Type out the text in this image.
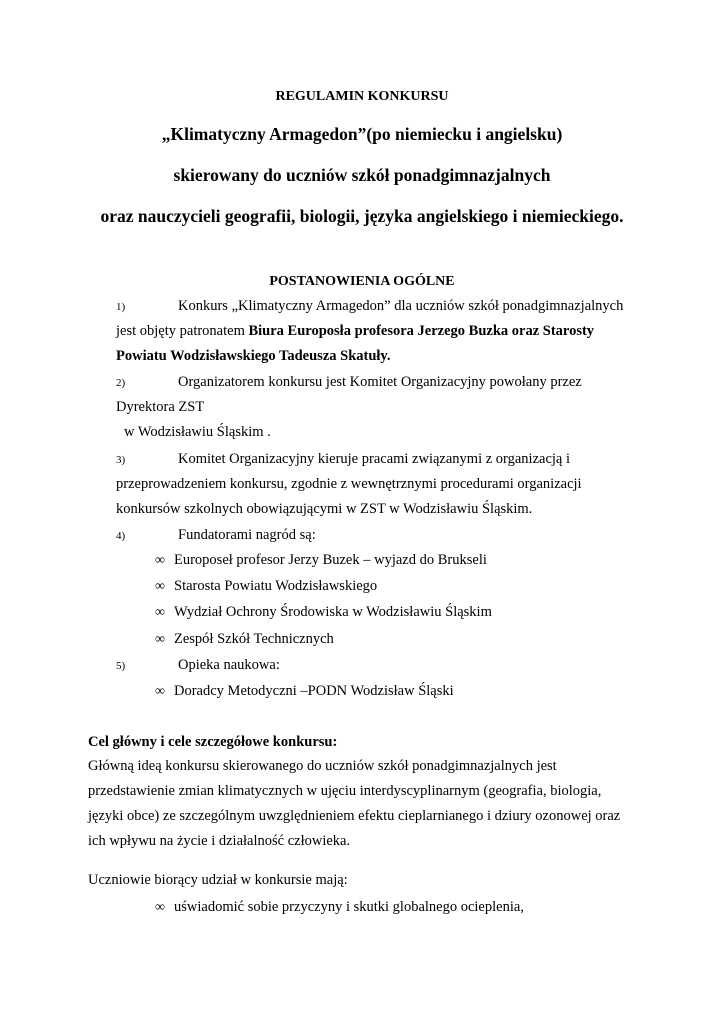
REGULAMIN KONKURSU
„Klimatyczny Armagedon”(po niemiecku i angielsku)
skierowany do uczniów szkół ponadgimnazjalnych
oraz nauczycieli geografii, biologii, języka angielskiego i niemieckiego.
POSTANOWIENIA OGÓLNE
1)	Konkurs „Klimatyczny Armagedon” dla uczniów szkół ponadgimnazjalnych
jest objęty patronatem Biura Europosła profesora Jerzego Buzka oraz Starosty
Powiatu Wodzisławskiego Tadeusza Skatuły.
2)	Organizatorem konkursu jest Komitet Organizacyjny powołany przez
Dyrektora ZST
w Wodzisławiu Śląskim .
3)	Komitet Organizacyjny kieruje pracami związanymi z organizacją i
przeprowadzeniem konkursu, zgodnie z wewnętrznymi procedurami organizacji
konkursów szkolnych obowiązującymi w ZST w Wodzisławiu Śląskim.
4)	Fundatorami nagród są:
∞ Europoseł profesor Jerzy Buzek – wyjazd do Brukseli
∞ Starosta Powiatu Wodzisławskiego
∞ Wydział Ochrony Środowiska w Wodzisławiu Śląskim
∞ Zespół Szkół Technicznych
5)	Opieka naukowa:
∞ Doradcy Metodyczni –PODN Wodzisław Śląski
Cel główny i cele szczegółowe konkursu:
Główną ideą konkursu skierowanego do uczniów szkół ponadgimnazjalnych jest
przedstawienie zmian klimatycznych w ujęciu interdyscyplinarnym (geografia, biologia,
języki obce) ze szczególnym uwzględnieniem efektu cieplarnianego i dziury ozonowej oraz
ich wpływu na życie i działalność człowieka.
Uczniowie biorący udział w konkursie mają:
∞ uświadomić sobie przyczyny i skutki globalnego ocieplenia,
